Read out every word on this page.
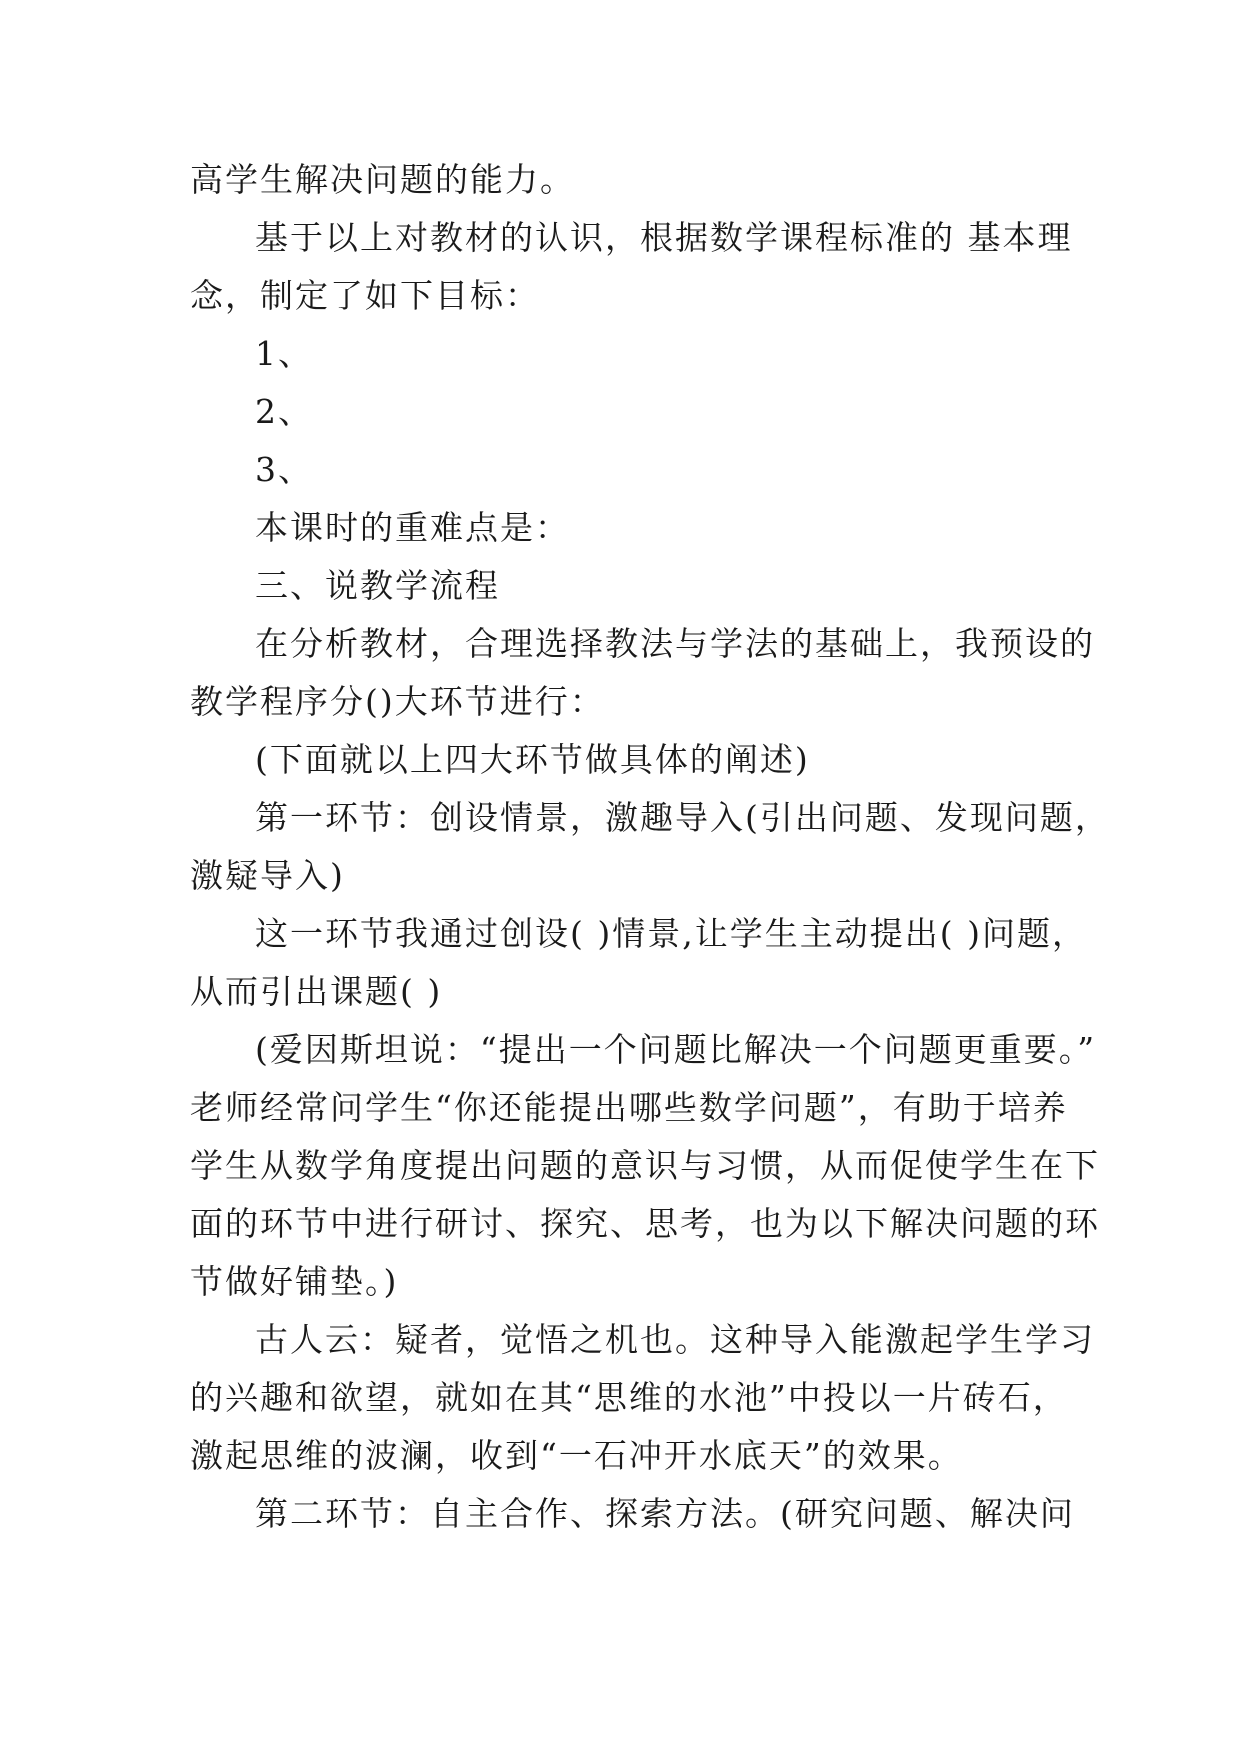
高学生解决问题的能力。
基于以上对教材的认识，根据数学课程标准的 基本理
念，制定了如下目标：
1、
2、
3、
本课时的重难点是：
三、说教学流程
在分析教材，合理选择教法与学法的基础上，我预设的
教学程序分()大环节进行：
(下面就以上四大环节做具体的阐述)
第一环节：创设情景，激趣导入(引出问题、发现问题，
激疑导入)
这一环节我通过创设( )情景,让学生主动提出( )问题，
从而引出课题( )
(爱因斯坦说：“提出一个问题比解决一个问题更重要。”
老师经常问学生“你还能提出哪些数学问题”，有助于培养
学生从数学角度提出问题的意识与习惯，从而促使学生在下
面的环节中进行研讨、探究、思考，也为以下解决问题的环
节做好铺垫。)
古人云：疑者，觉悟之机也。这种导入能激起学生学习
的兴趣和欲望，就如在其“思维的水池”中投以一片砖石，
激起思维的波澜，收到“一石冲开水底天”的效果。
第二环节：自主合作、探索方法。(研究问题、解决问
